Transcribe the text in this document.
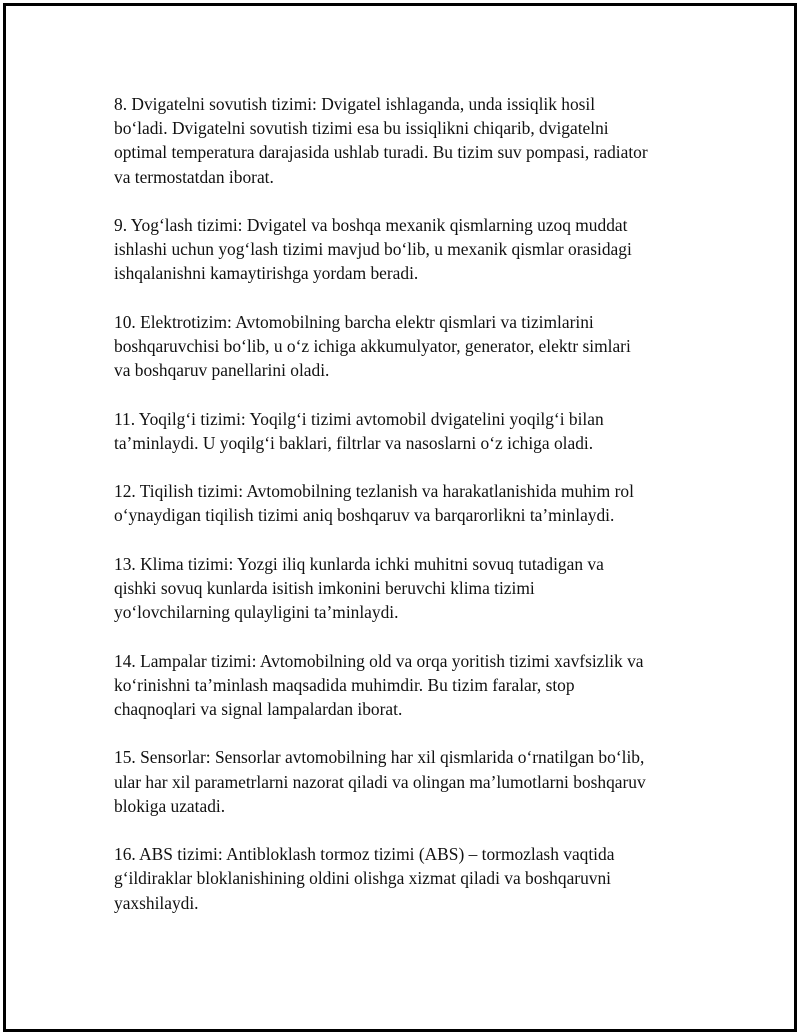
8. Dvigatelni sovutish tizimi: Dvigatel ishlaganda, unda issiqlik hosil
bo‘ladi. Dvigatelni sovutish tizimi esa bu issiqlikni chiqarib, dvigatelni
optimal temperatura darajasida ushlab turadi. Bu tizim suv pompasi, radiator
va termostatdan iborat.

9. Yog‘lash tizimi: Dvigatel va boshqa mexanik qismlarning uzoq muddat
ishlashi uchun yog‘lash tizimi mavjud bo‘lib, u mexanik qismlar orasidagi
ishqalanishni kamaytirishga yordam beradi.

10. Elektrotizim: Avtomobilning barcha elektr qismlari va tizimlarini
boshqaruvchisi bo‘lib, u o‘z ichiga akkumulyator, generator, elektr simlari
va boshqaruv panellarini oladi.

11. Yoqilg‘i tizimi: Yoqilg‘i tizimi avtomobil dvigatelini yoqilg‘i bilan
ta’minlaydi. U yoqilg‘i baklari, filtrlar va nasoslarni o‘z ichiga oladi.

12. Tiqilish tizimi: Avtomobilning tezlanish va harakatlanishida muhim rol
o‘ynaydigan tiqilish tizimi aniq boshqaruv va barqarorlikni ta’minlaydi.

13. Klima tizimi: Yozgi iliq kunlarda ichki muhitni sovuq tutadigan va
qishki sovuq kunlarda isitish imkonini beruvchi klima tizimi
yo‘lovchilarning qulayligini ta’minlaydi.

14. Lampalar tizimi: Avtomobilning old va orqa yoritish tizimi xavfsizlik va
ko‘rinishni ta’minlash maqsadida muhimdir. Bu tizim faralar, stop
chaqnoqlari va signal lampalardan iborat.

15. Sensorlar: Sensorlar avtomobilning har xil qismlarida o‘rnatilgan bo‘lib,
ular har xil parametrlarni nazorat qiladi va olingan ma’lumotlarni boshqaruv
blokiga uzatadi.

16. ABS tizimi: Antibloklash tormoz tizimi (ABS) – tormozlash vaqtida
g‘ildiraklar bloklanishining oldini olishga xizmat qiladi va boshqaruvni
yaxshilaydi.
